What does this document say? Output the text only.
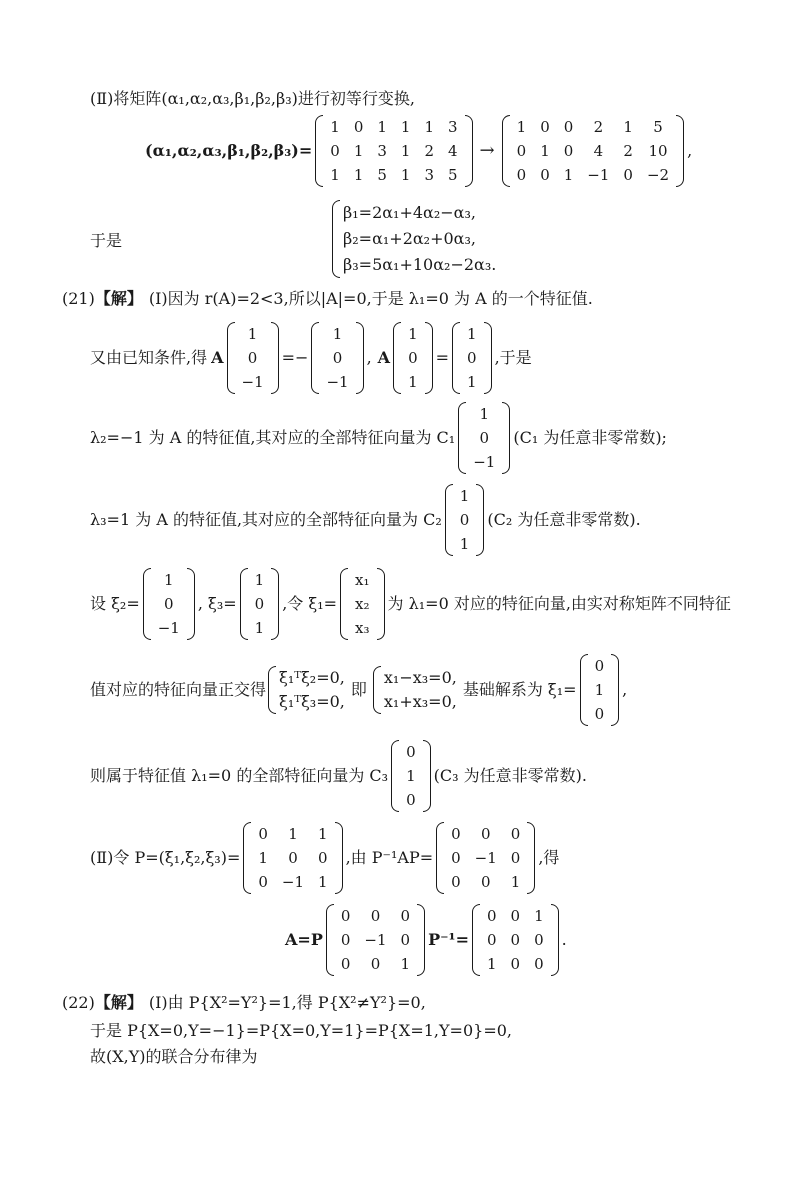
(Ⅱ)将矩阵(α₁,α₂,α₃,β₁,β₂,β₃)进行初等行变换,
(α₁,α₂,α₃,β₁,β₂,β₃)=
1	0	1	1	1	3
0	1	3	1	2	4
1	1	5	1	3	5
→
1	0	0	2	1	5
0	1	0	4	2	10
0	0	1	−1	0	−2
,
于是
β₁=2α₁+4α₂−α₃,
β₂=α₁+2α₂+0α₃,
β₃=5α₁+10α₂−2α₃.
(21) 【解】 (Ⅰ)因为 r(A)=2<3,所以|A|=0,于是 λ₁=0 为 A 的一个特征值.
又由已知条件,得 A
1
0
−1
=−
1
0
−1
, A
1
0
1
=
1
0
1
,于是
λ₂=−1 为 A 的特征值,其对应的全部特征向量为 C₁
1
0
−1
(C₁ 为任意非零常数);
λ₃=1 为 A 的特征值,其对应的全部特征向量为 C₂
1
0
1
(C₂ 为任意非零常数).
设 ξ₂=
1
0
−1
, ξ₃=
1
0
1
,令 ξ₁=
x₁
x₂
x₃
为 λ₁=0 对应的特征向量,由实对称矩阵不同特征
值对应的特征向量正交得
ξ₁ᵀξ₂=0,
ξ₁ᵀξ₃=0,
即
x₁−x₃=0,
x₁+x₃=0,
基础解系为 ξ₁=
0
1
0
,
则属于特征值 λ₁=0 的全部特征向量为 C₃
0
1
0
(C₃ 为任意非零常数).
(Ⅱ)令 P=(ξ₁,ξ₂,ξ₃)=
0	1	1
1	0	0
0	−1	1
,由 P⁻¹AP=
0	0	0
0	−1	0
0	0	1
,得
A=P
0	0	0
0	−1	0
0	0	1
P⁻¹=
0	0	1
0	0	0
1	0	0
.
(22) 【解】 (Ⅰ)由 P{X²=Y²}=1,得 P{X²≠Y²}=0,
于是 P{X=0,Y=−1}=P{X=0,Y=1}=P{X=1,Y=0}=0,
故(X,Y)的联合分布律为
